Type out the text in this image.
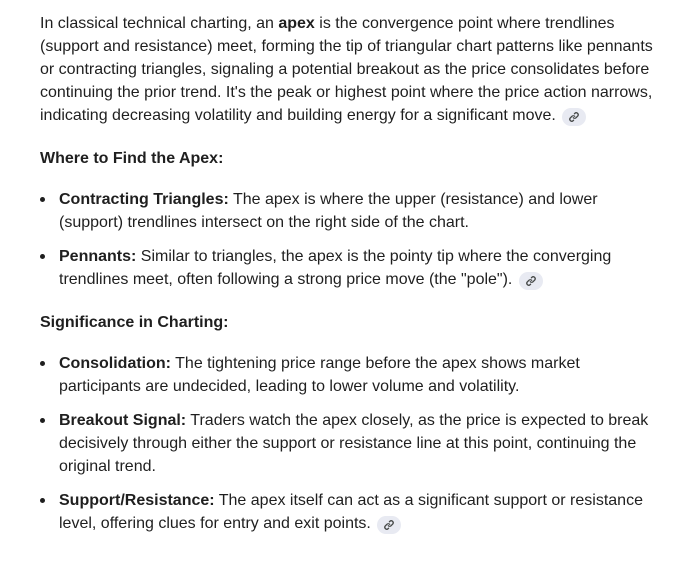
In classical technical charting, an apex is the convergence point where trendlines (support and resistance) meet, forming the tip of triangular chart patterns like pennants or contracting triangles, signaling a potential breakout as the price consolidates before continuing the prior trend. It's the peak or highest point where the price action narrows, indicating decreasing volatility and building energy for a significant move.

Where to Find the Apex:
Contracting Triangles: The apex is where the upper (resistance) and lower (support) trendlines intersect on the right side of the chart.
Pennants: Similar to triangles, the apex is the pointy tip where the converging trendlines meet, often following a strong price move (the "pole").
Significance in Charting:
Consolidation: The tightening price range before the apex shows market participants are undecided, leading to lower volume and volatility.
Breakout Signal: Traders watch the apex closely, as the price is expected to break decisively through either the support or resistance line at this point, continuing the original trend.
Support/Resistance: The apex itself can act as a significant support or resistance level, offering clues for entry and exit points.
